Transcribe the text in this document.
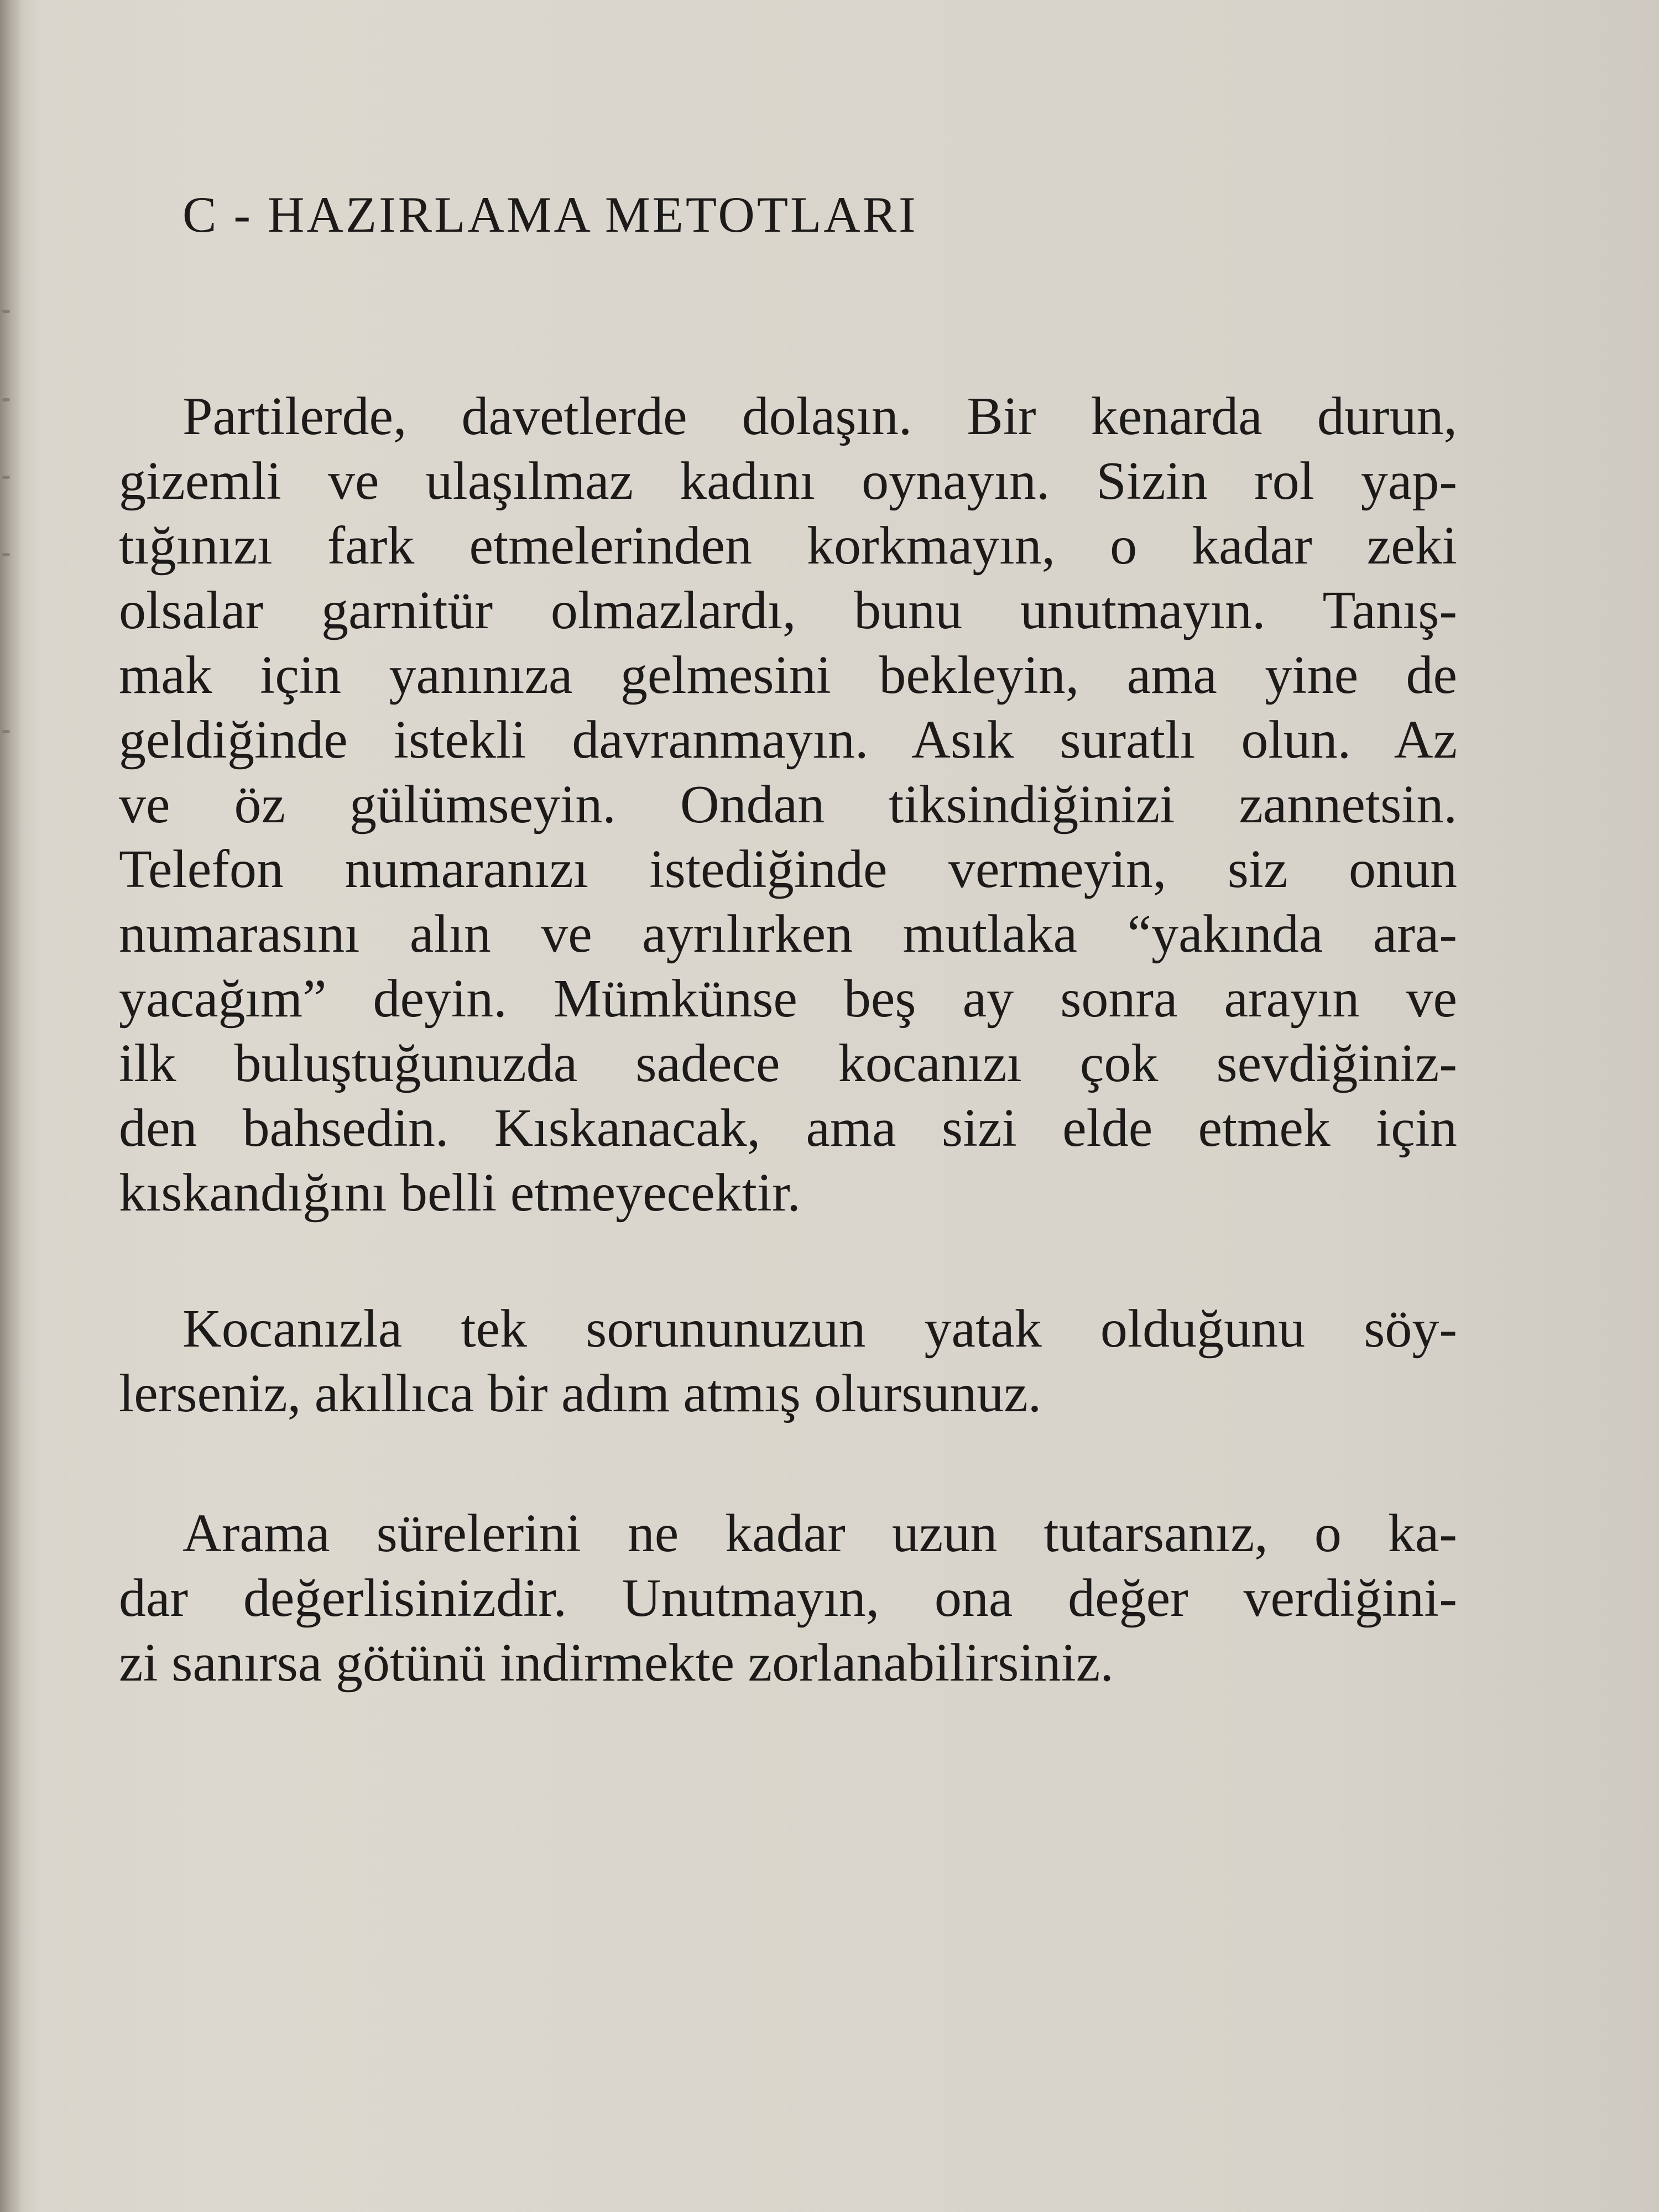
C - HAZIRLAMA METOTLARI

Partilerde, davetlerde dolaşın. Bir kenarda durun,
gizemli ve ulaşılmaz kadını oynayın. Sizin rol yap-
tığınızı fark etmelerinden korkmayın, o kadar zeki
olsalar garnitür olmazlardı, bunu unutmayın. Tanış-
mak için yanınıza gelmesini bekleyin, ama yine de
geldiğinde istekli davranmayın. Asık suratlı olun. Az
ve öz gülümseyin. Ondan tiksindiğinizi zannetsin.
Telefon numaranızı istediğinde vermeyin, siz onun
numarasını alın ve ayrılırken mutlaka “yakında ara-
yacağım” deyin. Mümkünse beş ay sonra arayın ve
ilk buluştuğunuzda sadece kocanızı çok sevdiğiniz-
den bahsedin. Kıskanacak, ama sizi elde etmek için
kıskandığını belli etmeyecektir.

Kocanızla tek sorununuzun yatak olduğunu söy-
lerseniz, akıllıca bir adım atmış olursunuz.

Arama sürelerini ne kadar uzun tutarsanız, o ka-
dar değerlisinizdir. Unutmayın, ona değer verdiğini-
zi sanırsa götünü indirmekte zorlanabilirsiniz.
